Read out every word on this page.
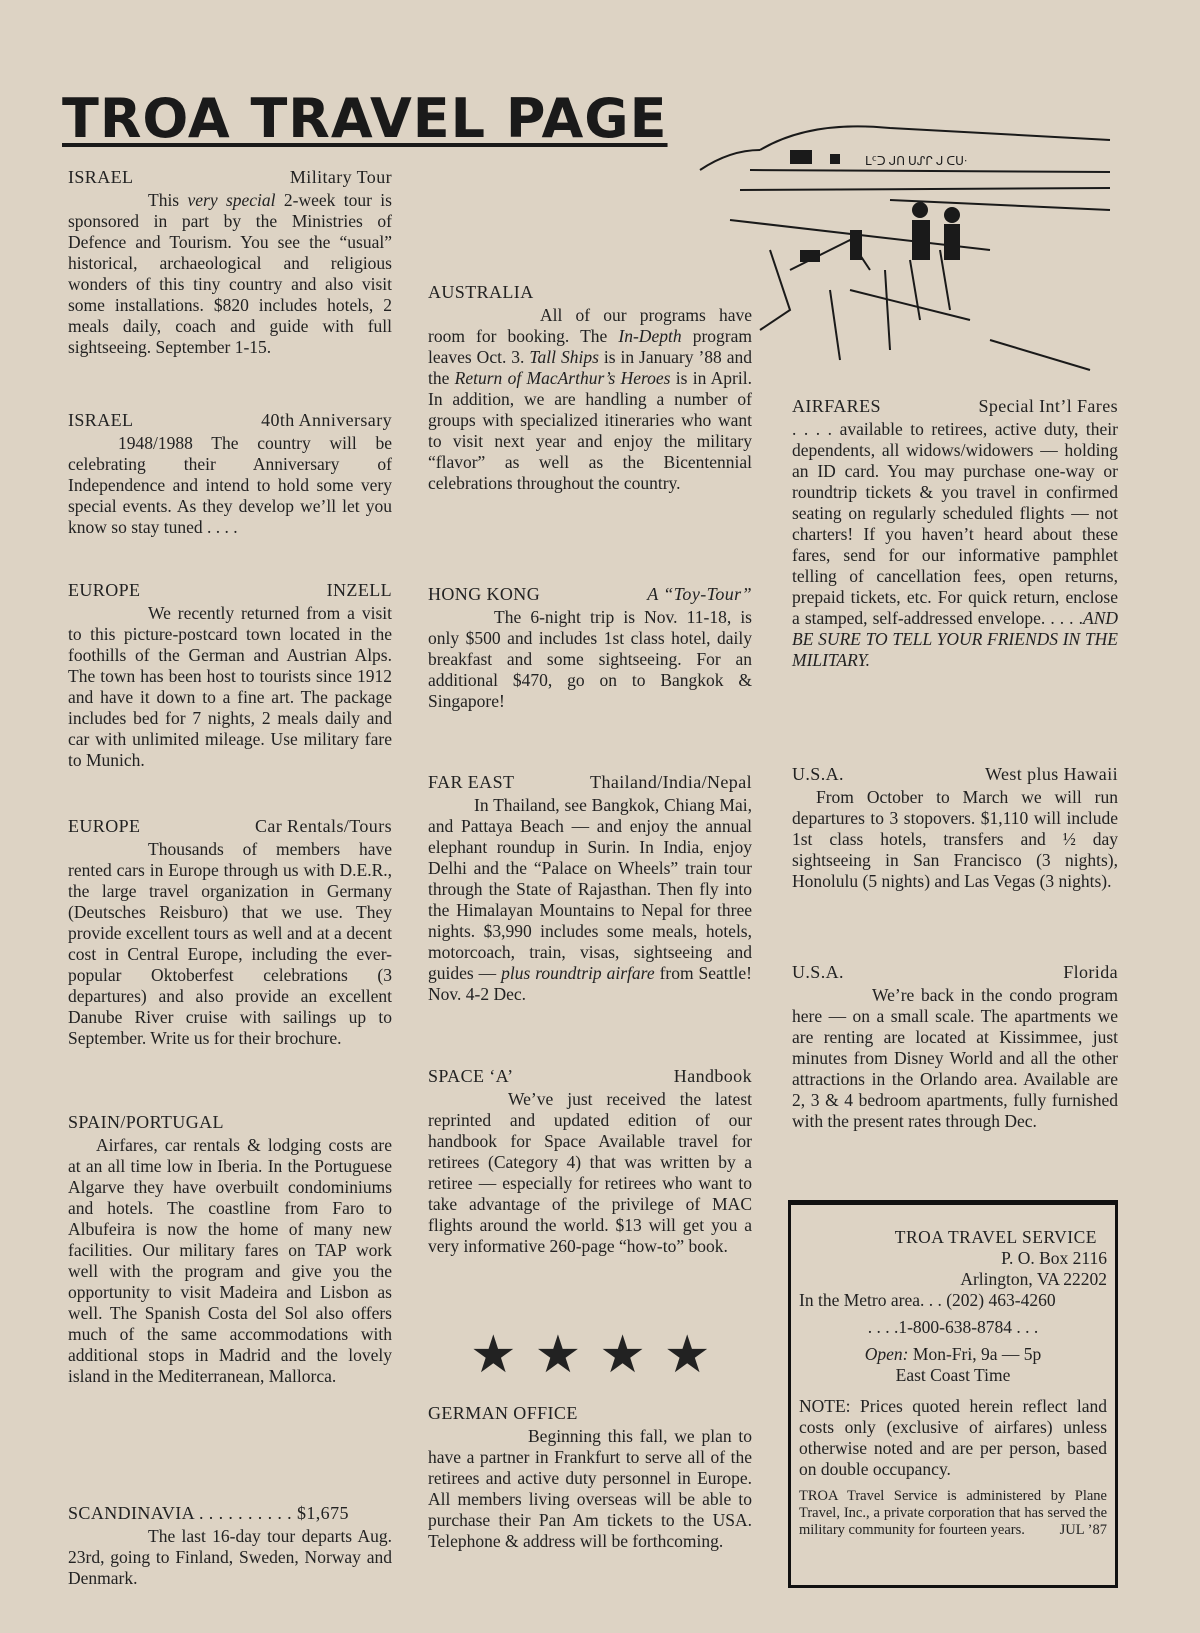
TROA TRAVEL PAGE
ᒪᑦᑐ ᒍᑎ ᑌᔑᒋ ᒍ ᑕᑌᐧ
ISRAEL	Military Tour

This very special 2-week tour is sponsored in part by the Ministries of Defence and Tourism. You see the “usual” historical, archaeological and religious wonders of this tiny country and also visit some installations. $820 includes hotels, 2 meals daily, coach and guide with full sightseeing. September 1-15.

ISRAEL	40th Anniversary

1948/1988 The country will be celebrating their Anniversary of Independence and intend to hold some very special events. As they develop we’ll let you know so stay tuned . . . .

EUROPE	INZELL

We recently returned from a visit to this picture-postcard town located in the foothills of the German and Austrian Alps. The town has been host to tourists since 1912 and have it down to a fine art. The package includes bed for 7 nights, 2 meals daily and car with unlimited mileage. Use military fare to Munich.

EUROPE	Car Rentals/Tours

Thousands of members have rented cars in Europe through us with D.E.R., the large travel organization in Germany (Deutsches Reisburo) that we use. They provide excellent tours as well and at a decent cost in Central Europe, including the ever-popular Oktoberfest celebrations (3 departures) and also provide an excellent Danube River cruise with sailings up to September. Write us for their brochure.

SPAIN/PORTUGAL

Airfares, car rentals & lodging costs are at an all time low in Iberia. In the Portuguese Algarve they have overbuilt condominiums and hotels. The coastline from Faro to Albufeira is now the home of many new facilities. Our military fares on TAP work well with the program and give you the opportunity to visit Madeira and Lisbon as well. The Spanish Costa del Sol also offers much of the same accommodations with additional stops in Madrid and the lovely island in the Mediterranean, Mallorca.

SCANDINAVIA . . . . . . . . . . $1,675

The last 16-day tour departs Aug. 23rd, going to Finland, Sweden, Norway and Denmark.

AUSTRALIA

All of our programs have room for booking. The In-Depth program leaves Oct. 3. Tall Ships is in January ’88 and the Return of MacArthur’s Heroes is in April. In addition, we are handling a number of groups with specialized itineraries who want to visit next year and enjoy the military “flavor” as well as the Bicentennial celebrations throughout the country.

HONG KONG	A “Toy-Tour”

The 6-night trip is Nov. 11-18, is only $500 and includes 1st class hotel, daily breakfast and some sightseeing. For an additional $470, go on to Bangkok & Singapore!

FAR EAST	Thailand/India/Nepal

In Thailand, see Bangkok, Chiang Mai, and Pattaya Beach — and enjoy the annual elephant roundup in Surin. In India, enjoy Delhi and the “Palace on Wheels” train tour through the State of Rajasthan. Then fly into the Himalayan Mountains to Nepal for three nights. $3,990 includes some meals, hotels, motorcoach, train, visas, sightseeing and guides — plus roundtrip airfare from Seattle! Nov. 4-2 Dec.

SPACE ‘A’	Handbook

We’ve just received the latest reprinted and updated edition of our handbook for Space Available travel for retirees (Category 4) that was written by a retiree — especially for retirees who want to take advantage of the privilege of MAC flights around the world. $13 will get you a very informative 260-page “how-to” book.

★★★★
GERMAN OFFICE

Beginning this fall, we plan to have a partner in Frankfurt to serve all of the retirees and active duty personnel in Europe. All members living overseas will be able to purchase their Pan Am tickets to the USA. Telephone & address will be forthcoming.

AIRFARES	Special Int’l Fares

. . . . available to retirees, active duty, their dependents, all widows/widowers — holding an ID card. You may purchase one-way or roundtrip tickets & you travel in confirmed seating on regularly scheduled flights — not charters! If you haven’t heard about these fares, send for our informative pamphlet telling of cancellation fees, open returns, prepaid tickets, etc. For quick return, enclose a stamped, self-addressed envelope. . . . .AND BE SURE TO TELL YOUR FRIENDS IN THE MILITARY.

U.S.A.	West plus Hawaii

From October to March we will run departures to 3 stopovers. $1,110 will include 1st class hotels, transfers and ½ day sightseeing in San Francisco (3 nights), Honolulu (5 nights) and Las Vegas (3 nights).

U.S.A.	Florida

We’re back in the condo program here — on a small scale. The apartments we are renting are located at Kissimmee, just minutes from Disney World and all the other attractions in the Orlando area. Available are 2, 3 & 4 bedroom apartments, fully furnished with the present rates through Dec.

TROA TRAVEL SERVICE
P. O. Box 2116
Arlington, VA 22202
In the Metro area. . . (202) 463-4260
. . . .1-800-638-8784 . . .
Open: Mon-Fri, 9a — 5p
East Coast Time
NOTE: Prices quoted herein reflect land costs only (exclusive of airfares) unless otherwise noted and are per person, based on double occupancy.
TROA Travel Service is administered by Plane Travel, Inc., a private corporation that has served the military community for fourteen years. JUL ’87
